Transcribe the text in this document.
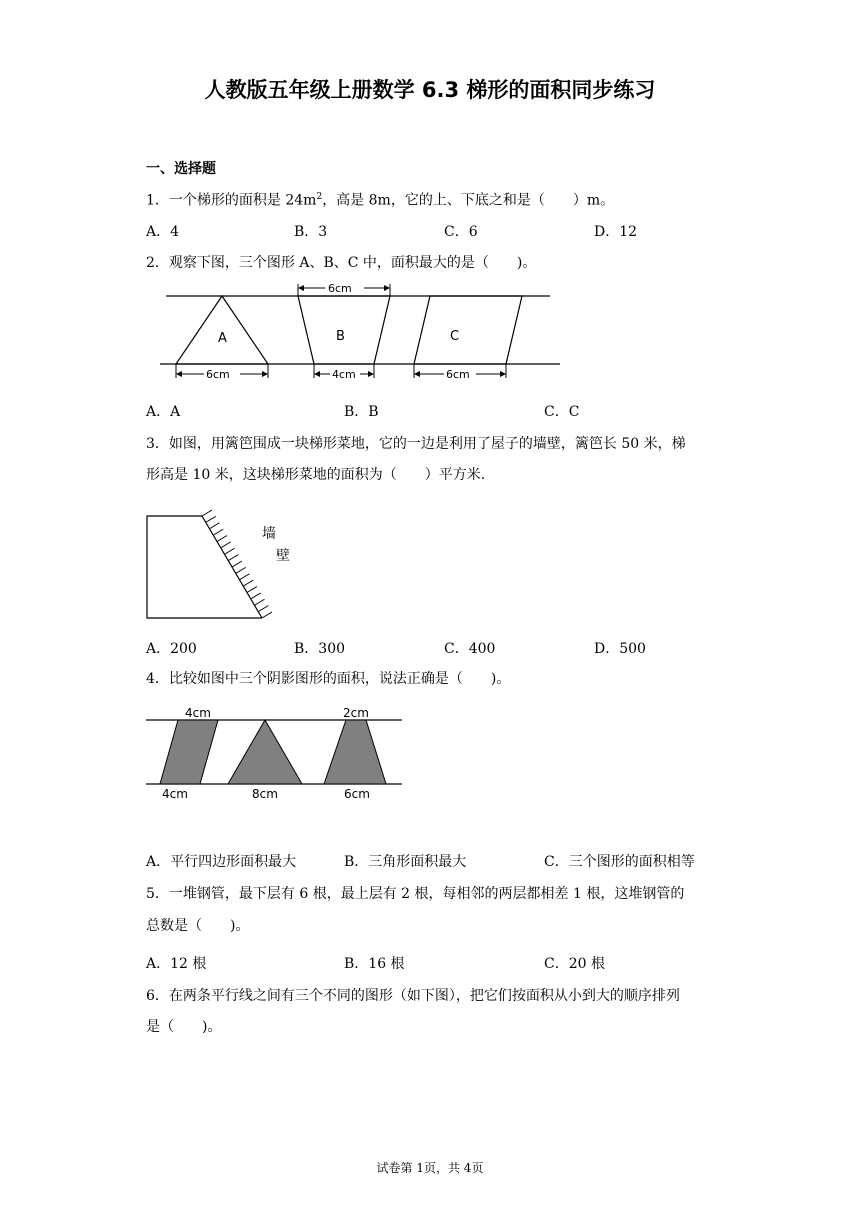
人教版五年级上册数学 6.3 梯形的面积同步练习
一、选择题
1．一个梯形的面积是 $24m^2$，高是 8m，它的上、下底之和是（　　）m。
A．4	B．3	C．6	D．12
2．观察下图，三个图形 A、B、C 中，面积最大的是（　　)。
A	B	C
6cm
6cm	4cm	6cm
A．A	B．B	C．C
3．如图，用篱笆围成一块梯形菜地，它的一边是利用了屋子的墙壁，篱笆长 50 米，梯
形高是 10 米，这块梯形菜地的面积为（　　）平方米.
墙
壁
A．200	B．300	C．400	D．500
4．比较如图中三个阴影图形的面积，说法正确是（　　)。
4cm	2cm
4cm	8cm	6cm
A．平行四边形面积最大	B．三角形面积最大	C．三个图形的面积相等
5．一堆钢管，最下层有 6 根，最上层有 2 根，每相邻的两层都相差 1 根，这堆钢管的
总数是（　　)。
A．12 根	B．16 根	C．20 根
6．在两条平行线之间有三个不同的图形（如下图），把它们按面积从小到大的顺序排列
是（　　)。
试卷第 1页，共 4页
